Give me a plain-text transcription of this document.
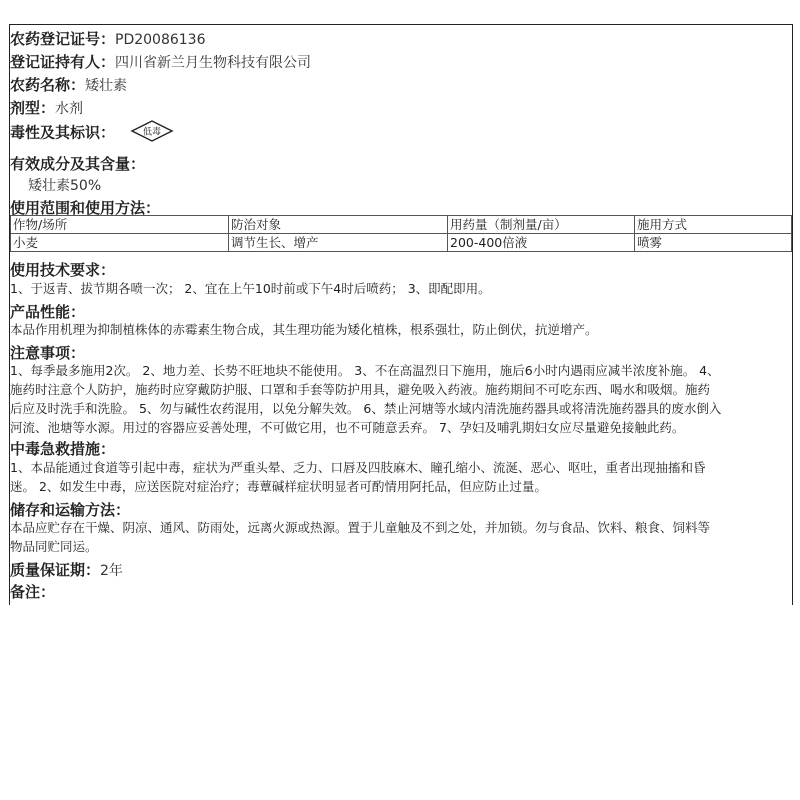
农药登记证号：PD20086136
登记证持有人：四川省新兰月生物科技有限公司
农药名称：矮壮素
剂型：水剂
毒性及其标识：	低毒
有效成分及其含量：
矮壮素50%
使用范围和使用方法：
作物/场所	防治对象	用药量（制剂量/亩）	施用方式
小麦	调节生长、增产	200-400倍液	喷雾
使用技术要求：
1、于返青、拔节期各喷一次； 2、宜在上午10时前或下午4时后喷药； 3、即配即用。
产品性能：
本品作用机理为抑制植株体的赤霉素生物合成，其生理功能为矮化植株，根系强壮，防止倒伏，抗逆增产。
注意事项：
1、每季最多施用2次。 2、地力差、长势不旺地块不能使用。 3、不在高温烈日下施用，施后6小时内遇雨应减半浓度补施。 4、
施药时注意个人防护，施药时应穿戴防护服、口罩和手套等防护用具，避免吸入药液。施药期间不可吃东西、喝水和吸烟。施药
后应及时洗手和洗脸。 5、勿与碱性农药混用，以免分解失效。 6、禁止河塘等水域内清洗施药器具或将清洗施药器具的废水倒入
河流、池塘等水源。用过的容器应妥善处理，不可做它用，也不可随意丢弃。 7、孕妇及哺乳期妇女应尽量避免接触此药。
中毒急救措施：
1、本品能通过食道等引起中毒，症状为严重头晕、乏力、口唇及四肢麻木、瞳孔缩小、流涎、恶心、呕吐，重者出现抽搐和昏
迷。 2、如发生中毒，应送医院对症治疗；毒蕈碱样症状明显者可酌情用阿托品，但应防止过量。
储存和运输方法：
本品应贮存在干燥、阴凉、通风、防雨处，远离火源或热源。置于儿童触及不到之处，并加锁。勿与食品、饮料、粮食、饲料等
物品同贮同运。
质量保证期：2年
备注：
